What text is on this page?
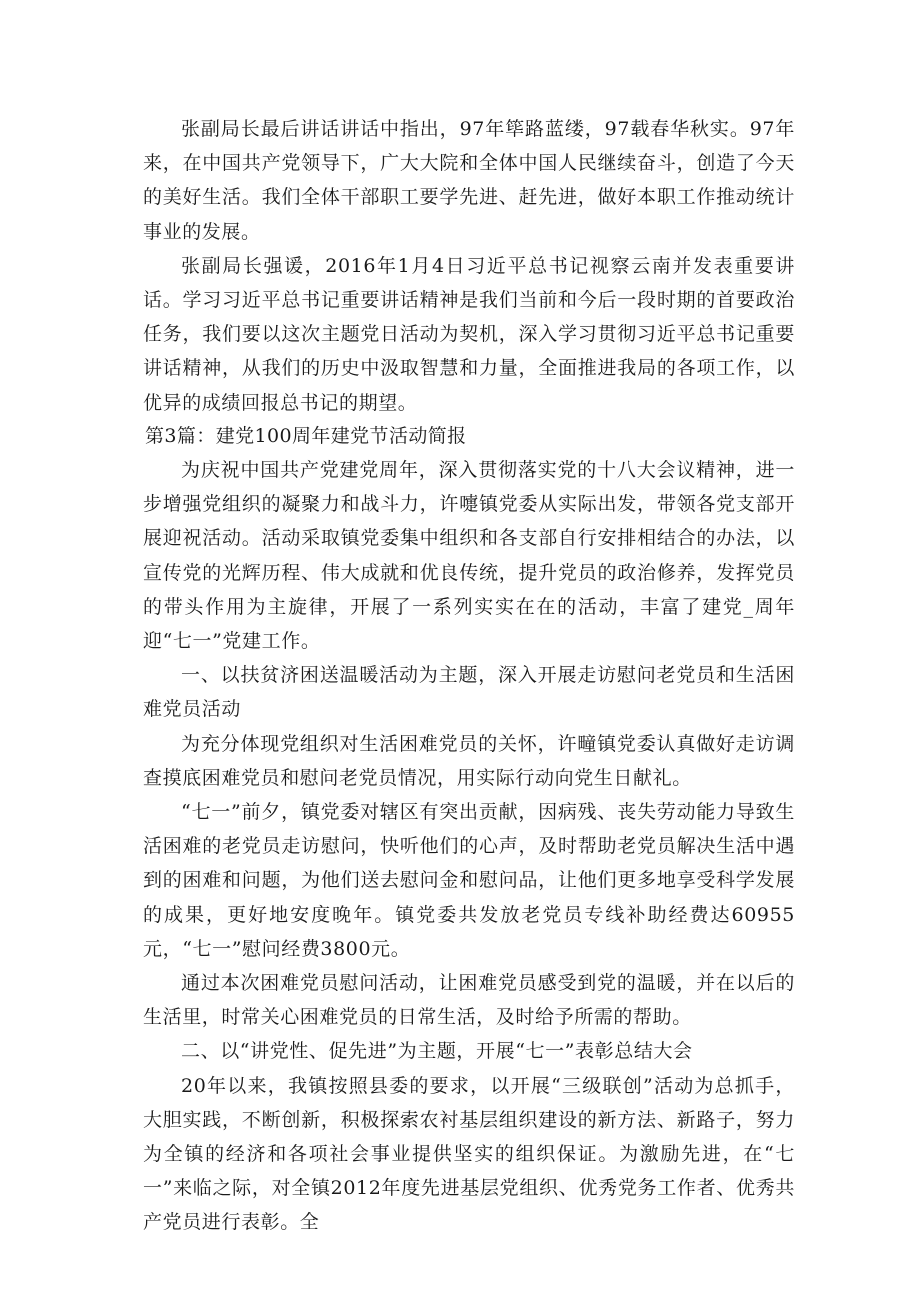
张副局长最后讲话讲话中指出，97年筚路蓝缕，97载春华秋实。97年来，在中国共产党领导下，广大大院和全体中国人民继续奋斗，创造了今天的美好生活。我们全体干部职工要学先进、赶先进，做好本职工作推动统计事业的发展。

张副局长强谖，2016年1月4日习近平总书记视察云南并发表重要讲话。学习习近平总书记重要讲话精神是我们当前和今后一段时期的首要政治任务，我们要以这次主题党日活动为契机，深入学习贯彻习近平总书记重要讲话精神，从我们的历史中汲取智慧和力量，全面推进我局的各项工作，以优异的成绩回报总书记的期望。

第3篇：建党100周年建党节活动简报

为庆祝中国共产党建党周年，深入贯彻落实党的十八大会议精神，进一步增强党组织的凝聚力和战斗力，许嚏镇党委从实际出发，带领各党支部开展迎祝活动。活动采取镇党委集中组织和各支部自行安排相结合的办法，以宣传党的光辉历程、伟大成就和优良传统，提升党员的政治修养，发挥党员的带头作用为主旋律，开展了一系列实实在在的活动，丰富了建党_周年迎“七一”党建工作。

一、以扶贫济困送温暖活动为主题，深入开展走访慰问老党员和生活困难党员活动

为充分体现党组织对生活困难党员的关怀，许疃镇党委认真做好走访调查摸底困难党员和慰问老党员情况，用实际行动向党生日献礼。

“七一”前夕，镇党委对辖区有突出贡献，因病残、丧失劳动能力导致生活困难的老党员走访慰问，快听他们的心声，及时帮助老党员解决生活中遇到的困难和问题，为他们送去慰问金和慰问品，让他们更多地享受科学发展的成果，更好地安度晚年。镇党委共发放老党员专线补助经费达60955元，“七一”慰问经费3800元。

通过本次困难党员慰问活动，让困难党员感受到党的温暖，并在以后的生活里，时常关心困难党员的日常生活，及时给予所需的帮助。

二、以“讲党性、促先进”为主题，开展“七一”表彰总结大会

20年以来，我镇按照县委的要求，以开展“三级联创”活动为总抓手，大胆实践，不断创新，积极探索农衬基层组织建设的新方法、新路子，努力为全镇的经济和各项社会事业提供坚实的组织保证。为激励先进，在“七一”来临之际，对全镇2012年度先进基层党组织、优秀党务工作者、优秀共产党员进行表彰。全
